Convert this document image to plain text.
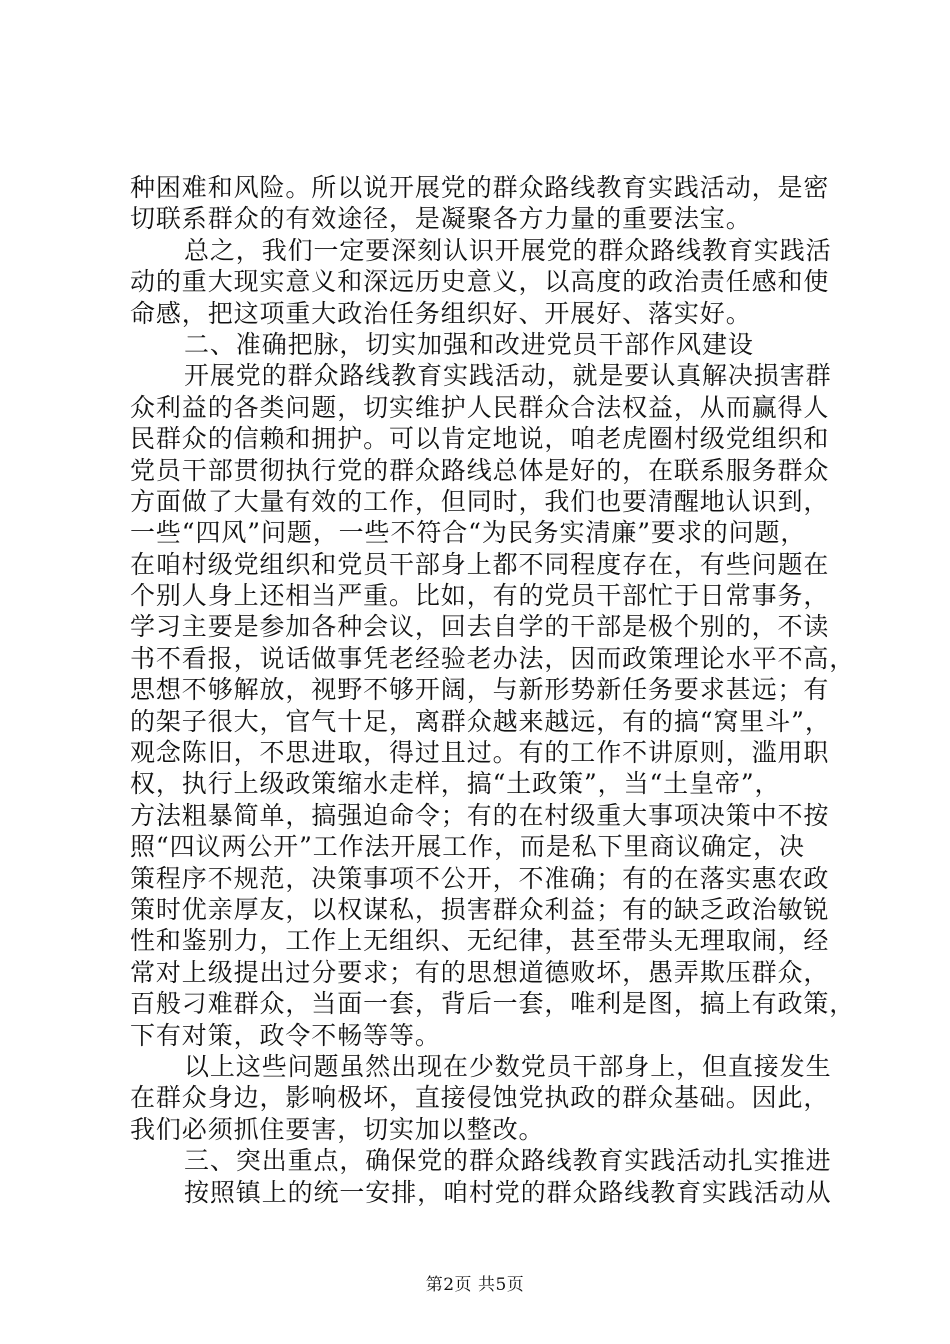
种困难和风险。所以说开展党的群众路线教育实践活动，是密
切联系群众的有效途径，是凝聚各方力量的重要法宝。
总之，我们一定要深刻认识开展党的群众路线教育实践活
动的重大现实意义和深远历史意义，以高度的政治责任感和使
命感，把这项重大政治任务组织好、开展好、落实好。
二、准确把脉，切实加强和改进党员干部作风建设
开展党的群众路线教育实践活动，就是要认真解决损害群
众利益的各类问题，切实维护人民群众合法权益，从而赢得人
民群众的信赖和拥护。可以肯定地说，咱老虎圈村级党组织和
党员干部贯彻执行党的群众路线总体是好的，在联系服务群众
方面做了大量有效的工作，但同时，我们也要清醒地认识到，
一些“四风”问题，一些不符合“为民务实清廉”要求的问题，
在咱村级党组织和党员干部身上都不同程度存在，有些问题在
个别人身上还相当严重。比如，有的党员干部忙于日常事务，
学习主要是参加各种会议，回去自学的干部是极个别的，不读
书不看报，说话做事凭老经验老办法，因而政策理论水平不高，
思想不够解放，视野不够开阔，与新形势新任务要求甚远；有
的架子很大，官气十足，离群众越来越远，有的搞“窝里斗”，
观念陈旧，不思进取，得过且过。有的工作不讲原则，滥用职
权，执行上级政策缩水走样，搞“土政策”，当“土皇帝”，
方法粗暴简单，搞强迫命令；有的在村级重大事项决策中不按
照“四议两公开”工作法开展工作，而是私下里商议确定，决
策程序不规范，决策事项不公开，不准确；有的在落实惠农政
策时优亲厚友，以权谋私，损害群众利益；有的缺乏政治敏锐
性和鉴别力，工作上无组织、无纪律，甚至带头无理取闹，经
常对上级提出过分要求；有的思想道德败坏，愚弄欺压群众，
百般刁难群众，当面一套，背后一套，唯利是图，搞上有政策，
下有对策，政令不畅等等。
以上这些问题虽然出现在少数党员干部身上，但直接发生
在群众身边，影响极坏，直接侵蚀党执政的群众基础。因此，
我们必须抓住要害，切实加以整改。
三、突出重点，确保党的群众路线教育实践活动扎实推进
按照镇上的统一安排，咱村党的群众路线教育实践活动从
第2页 共5页
